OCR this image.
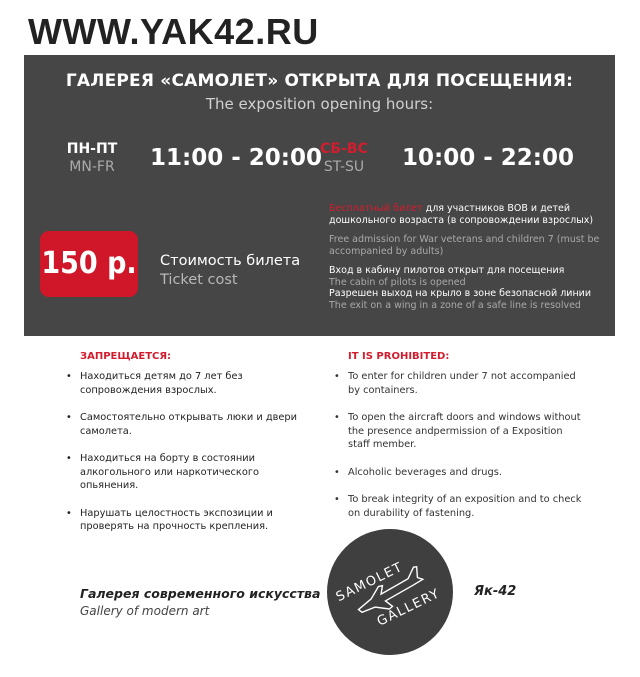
WWW.YAK42.RU
ГАЛЕРЕЯ «САМОЛЕТ» ОТКРЫТА ДЛЯ ПОСЕЩЕНИЯ:
The exposition opening hours:
ПН-ПТ
MN-FR	11:00 - 20:00
СБ-ВС
ST-SU	10:00 - 22:00
150 р. Стоимость билета
Ticket cost

Бесплатный билет для участников ВОВ и детей дошкольного возраста (в сопровождении взрослых)

Free admission for War veterans and children 7 (must be accompanied by adults)

Вход в кабину пилотов открыт для посещения

The cabin of pilots is opened

Разрешен выход на крыло в зоне безопасной линии

The exit on a wing in a zone of a safe line is resolved

ЗАПРЕЩАЕТСЯ:
• Находиться детям до 7 лет без сопровождения взрослых.
• Самостоятельно открывать люки и двери самолета.
• Находиться на борту в состоянии алкогольного или наркотического опьянения.
• Нарушать целостность экспозиции и проверять на прочность крепления.
IT IS PROHIBITED:
• To enter for children under 7 not accompanied by containers.
• To open the aircraft doors and windows without the presence andpermission of a Exposition staff member.
• Alcoholic beverages and drugs.
• To break integrity of an exposition and to check on durability of fastening.
Галерея современного искусства
Gallery of modern art
Як-42
SAMOLET
GALLERY
